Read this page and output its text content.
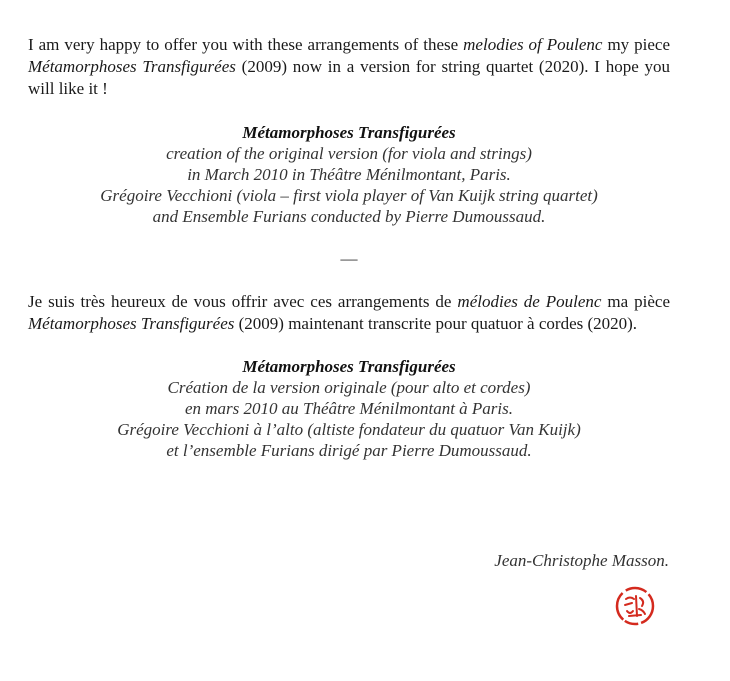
I am very happy to offer you with these arrangements of these melodies of Poulenc my piece Métamorphoses Transfigurées (2009) now in a version for string quartet (2020). I hope you will like it !

Métamorphoses Transfigurées
creation of the original version (for viola and strings)
in March 2010 in Théâtre Ménilmontant, Paris.
Grégoire Vecchioni (viola – first viola player of Van Kuijk string quartet)
and Ensemble Furians conducted by Pierre Dumoussaud.
—

Je suis très heureux de vous offrir avec ces arrangements de mélodies de Poulenc ma pièce Métamorphoses Transfigurées (2009) maintenant transcrite pour quatuor à cordes (2020).

Métamorphoses Transfigurées
Création de la version originale (pour alto et cordes)
en mars 2010 au Théâtre Ménilmontant à Paris.
Grégoire Vecchioni à l’alto (altiste fondateur du quatuor Van Kuijk)
et l’ensemble Furians dirigé par Pierre Dumoussaud.
Jean-Christophe Masson.
